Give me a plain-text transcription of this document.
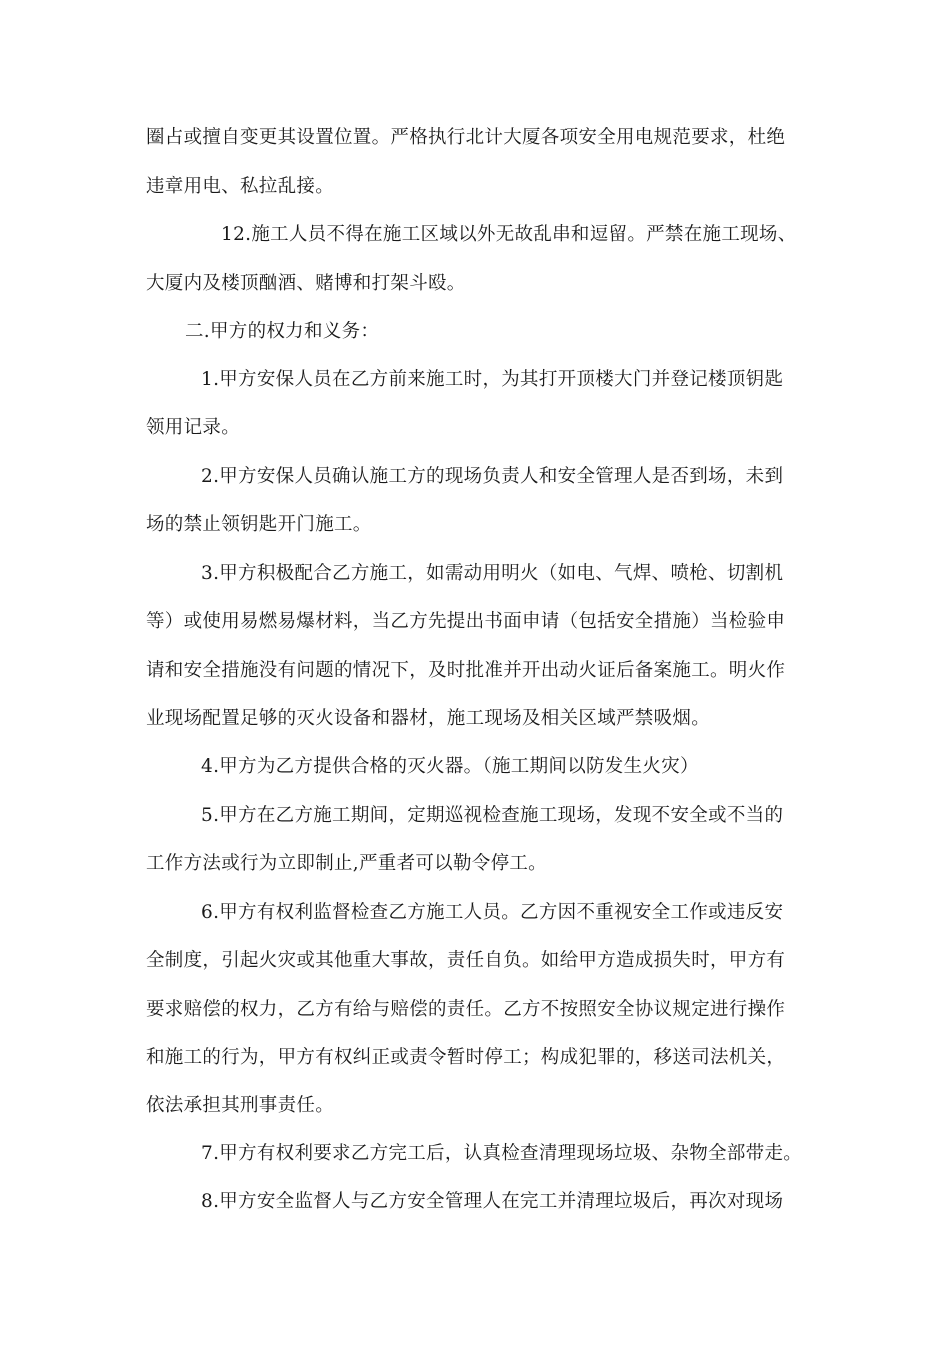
圈占或擅自变更其设置位置。严格执行北计大厦各项安全用电规范要求，杜绝
违章用电、私拉乱接。
12.施工人员不得在施工区域以外无故乱串和逗留。严禁在施工现场、
大厦内及楼顶酗酒、赌博和打架斗殴。
二.甲方的权力和义务：
1.甲方安保人员在乙方前来施工时，为其打开顶楼大门并登记楼顶钥匙
领用记录。
2.甲方安保人员确认施工方的现场负责人和安全管理人是否到场，未到
场的禁止领钥匙开门施工。
3.甲方积极配合乙方施工，如需动用明火（如电、气焊、喷枪、切割机
等）或使用易燃易爆材料，当乙方先提出书面申请（包括安全措施）当检验申
请和安全措施没有问题的情况下，及时批准并开出动火证后备案施工。明火作
业现场配置足够的灭火设备和器材，施工现场及相关区域严禁吸烟。
4.甲方为乙方提供合格的灭火器。（施工期间以防发生火灾）
5.甲方在乙方施工期间，定期巡视检查施工现场，发现不安全或不当的
工作方法或行为立即制止,严重者可以勒令停工。
6.甲方有权利监督检查乙方施工人员。乙方因不重视安全工作或违反安
全制度，引起火灾或其他重大事故，责任自负。如给甲方造成损失时，甲方有
要求赔偿的权力，乙方有给与赔偿的责任。乙方不按照安全协议规定进行操作
和施工的行为，甲方有权纠正或责令暂时停工；构成犯罪的，移送司法机关，
依法承担其刑事责任。
7.甲方有权利要求乙方完工后，认真检查清理现场垃圾、杂物全部带走。
8.甲方安全监督人与乙方安全管理人在完工并清理垃圾后，再次对现场
